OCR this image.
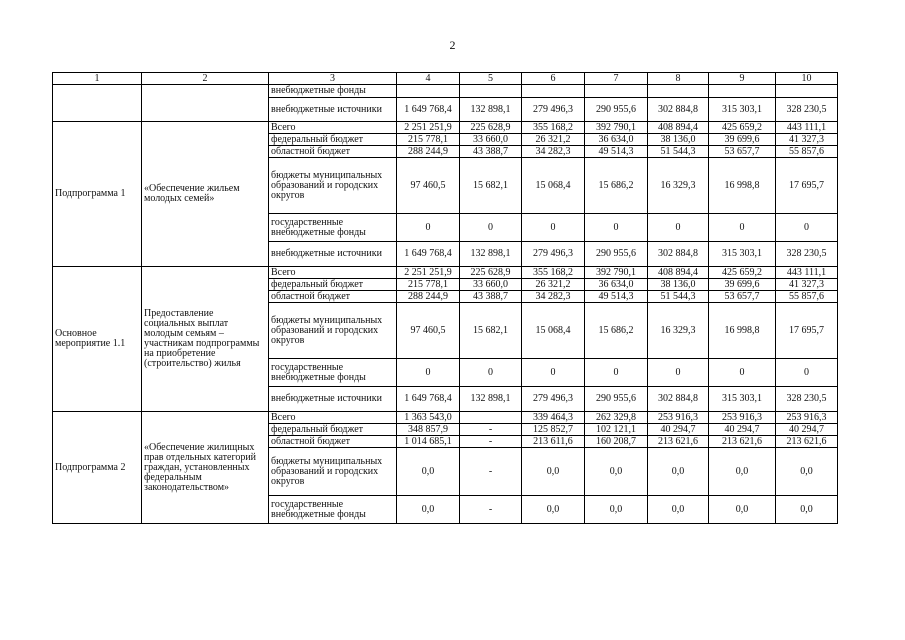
2
1	2	3	4	5	6	7	8	9	10
		внебюджетные фонды							
		внебюджетные источники	1 649 768,4	132 898,1	279 496,3	290 955,6	302 884,8	315 303,1	328 230,5
Подпрограмма 1	«Обеспечение жильем молодых семей»	Всего	2 251 251,9	225 628,9	355 168,2	392 790,1	408 894,4	425 659,2	443 111,1
		федеральный бюджет	215 778,1	33 660,0	26 321,2	36 634,0	38 136,0	39 699,6	41 327,3
		областной бюджет	288 244,9	43 388,7	34 282,3	49 514,3	51 544,3	53 657,7	55 857,6
		бюджеты муниципальных образований и городских округов	97 460,5	15 682,1	15 068,4	15 686,2	16 329,3	16 998,8	17 695,7
		государственные внебюджетные фонды	0	0	0	0	0	0	0
		внебюджетные источники	1 649 768,4	132 898,1	279 496,3	290 955,6	302 884,8	315 303,1	328 230,5
Основное мероприятие 1.1	Предоставление социальных выплат молодым семьям – участникам подпрограммы на приобретение (строительство) жилья	Всего	2 251 251,9	225 628,9	355 168,2	392 790,1	408 894,4	425 659,2	443 111,1
		федеральный бюджет	215 778,1	33 660,0	26 321,2	36 634,0	38 136,0	39 699,6	41 327,3
		областной бюджет	288 244,9	43 388,7	34 282,3	49 514,3	51 544,3	53 657,7	55 857,6
		бюджеты муниципальных образований и городских округов	97 460,5	15 682,1	15 068,4	15 686,2	16 329,3	16 998,8	17 695,7
		государственные внебюджетные фонды	0	0	0	0	0	0	0
		внебюджетные источники	1 649 768,4	132 898,1	279 496,3	290 955,6	302 884,8	315 303,1	328 230,5
Подпрограмма 2	«Обеспечение жилищных прав отдельных категорий граждан, установленных федеральным законодательством»	Всего	1 363 543,0		339 464,3	262 329,8	253 916,3	253 916,3	253 916,3
		федеральный бюджет	348 857,9	-	125 852,7	102 121,1	40 294,7	40 294,7	40 294,7
		областной бюджет	1 014 685,1	-	213 611,6	160 208,7	213 621,6	213 621,6	213 621,6
		бюджеты муниципальных образований и городских округов	0,0	-	0,0	0,0	0,0	0,0	0,0
		государственные внебюджетные фонды	0,0	-	0,0	0,0	0,0	0,0	0,0
